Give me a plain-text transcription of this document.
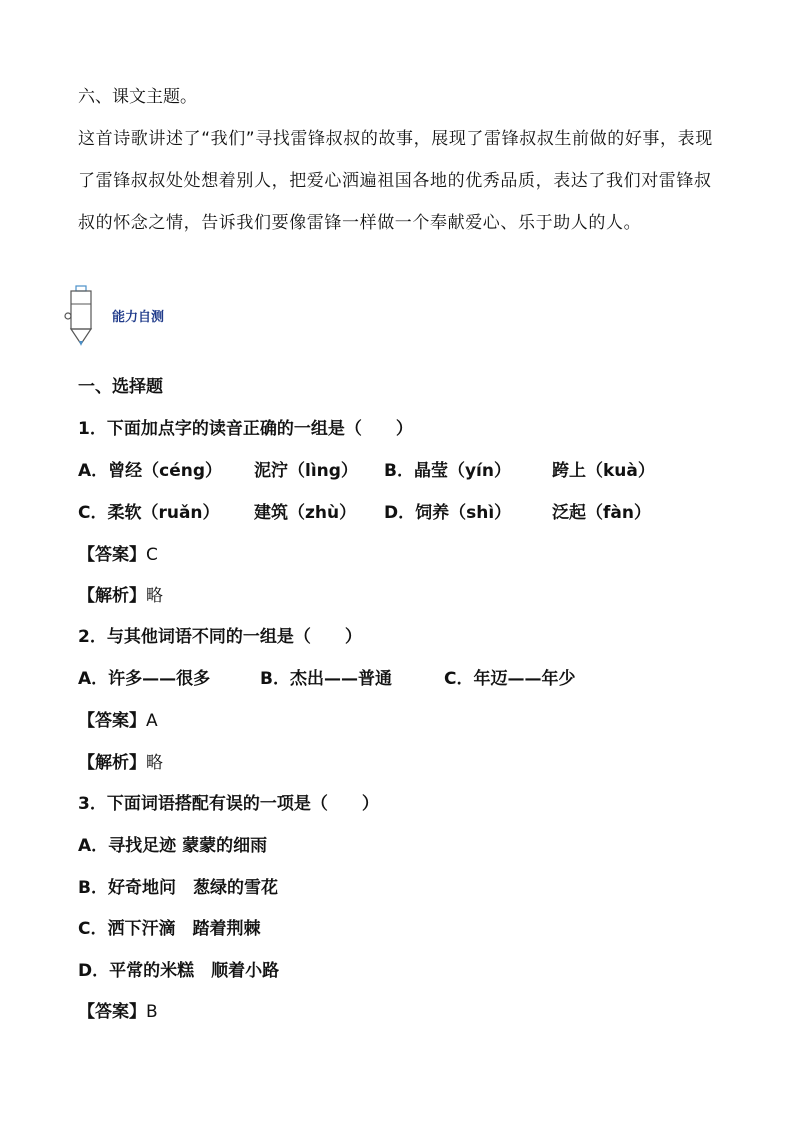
六、课文主题。
这首诗歌讲述了“我们”寻找雷锋叔叔的故事，展现了雷锋叔叔生前做的好事，表现了雷锋叔叔处处想着别人，把爱心洒遍祖国各地的优秀品质，表达了我们对雷锋叔叔的怀念之情，告诉我们要像雷锋一样做一个奉献爱心、乐于助人的人。
能力自测
一、选择题
1．下面加点字的读音正确的一组是（　　）
A．曾经（céng） 泥泞（lìng） B．晶莹（yín） 跨上（kuà）
C．柔软（ruǎn） 建筑（zhù） D．饲养（shì） 泛起（fàn）
【答案】C
【解析】略
2．与其他词语不同的一组是（　　）
A．许多——很多	B．杰出——普通	C．年迈——年少
【答案】A
【解析】略
3．下面词语搭配有误的一项是（　　）
A．寻找足迹 蒙蒙的细雨
B．好奇地问　葱绿的雪花
C．洒下汗滴　踏着荆棘
D．平常的米糕　顺着小路
【答案】B
